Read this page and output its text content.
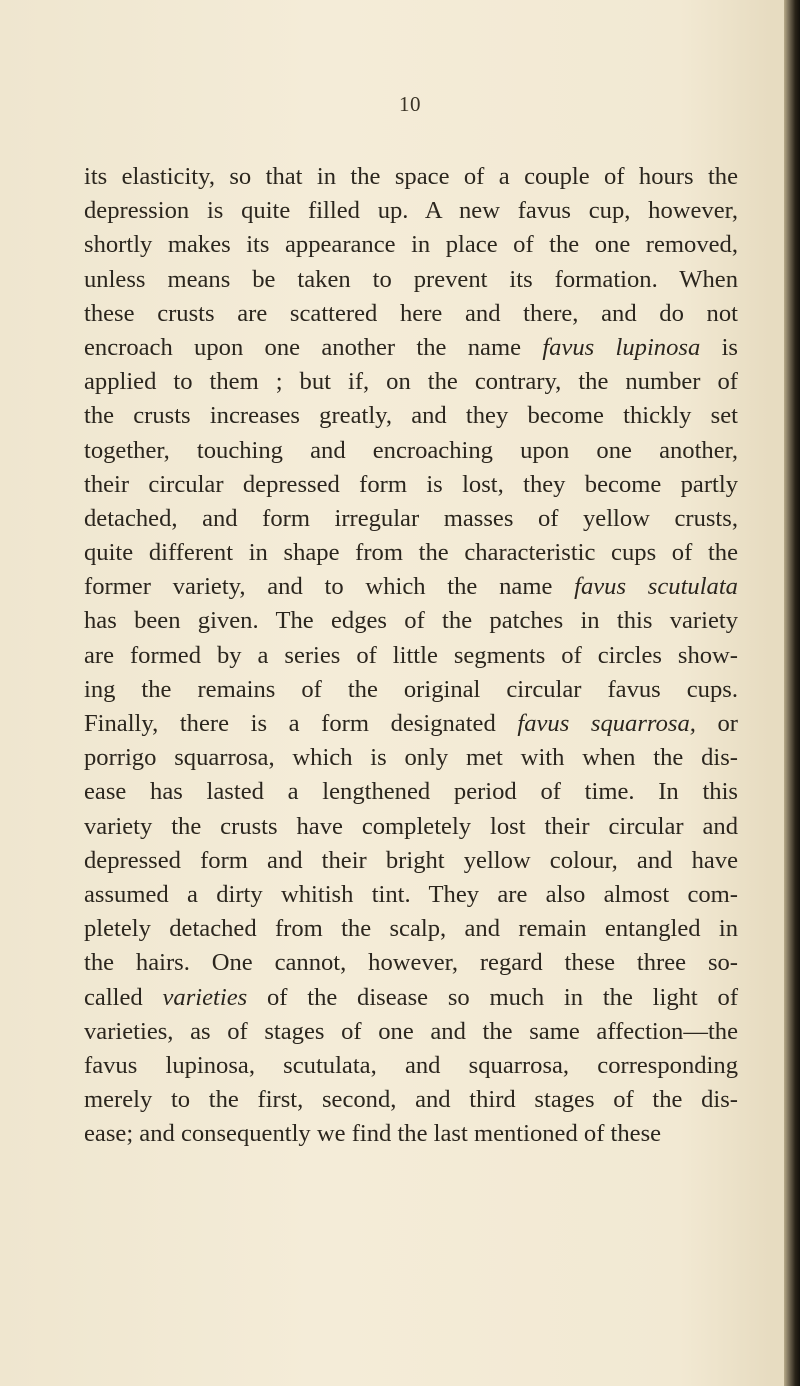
10
its elasticity, so that in the space of a couple of hours the
depression is quite filled up. A new favus cup, however,
shortly makes its appearance in place of the one removed,
unless means be taken to prevent its formation. When
these crusts are scattered here and there, and do not
encroach upon one another the name favus lupinosa is
applied to them ; but if, on the contrary, the number of
the crusts increases greatly, and they become thickly set
together, touching and encroaching upon one another,
their circular depressed form is lost, they become partly
detached, and form irregular masses of yellow crusts,
quite different in shape from the characteristic cups of the
former variety, and to which the name favus scutulata
has been given. The edges of the patches in this variety
are formed by a series of little segments of circles show-
ing the remains of the original circular favus cups.
Finally, there is a form designated favus squarrosa, or
porrigo squarrosa, which is only met with when the dis-
ease has lasted a lengthened period of time. In this
variety the crusts have completely lost their circular and
depressed form and their bright yellow colour, and have
assumed a dirty whitish tint. They are also almost com-
pletely detached from the scalp, and remain entangled in
the hairs. One cannot, however, regard these three so-
called varieties of the disease so much in the light of
varieties, as of stages of one and the same affection—the
favus lupinosa, scutulata, and squarrosa, corresponding
merely to the first, second, and third stages of the dis-
ease; and consequently we find the last mentioned of these
